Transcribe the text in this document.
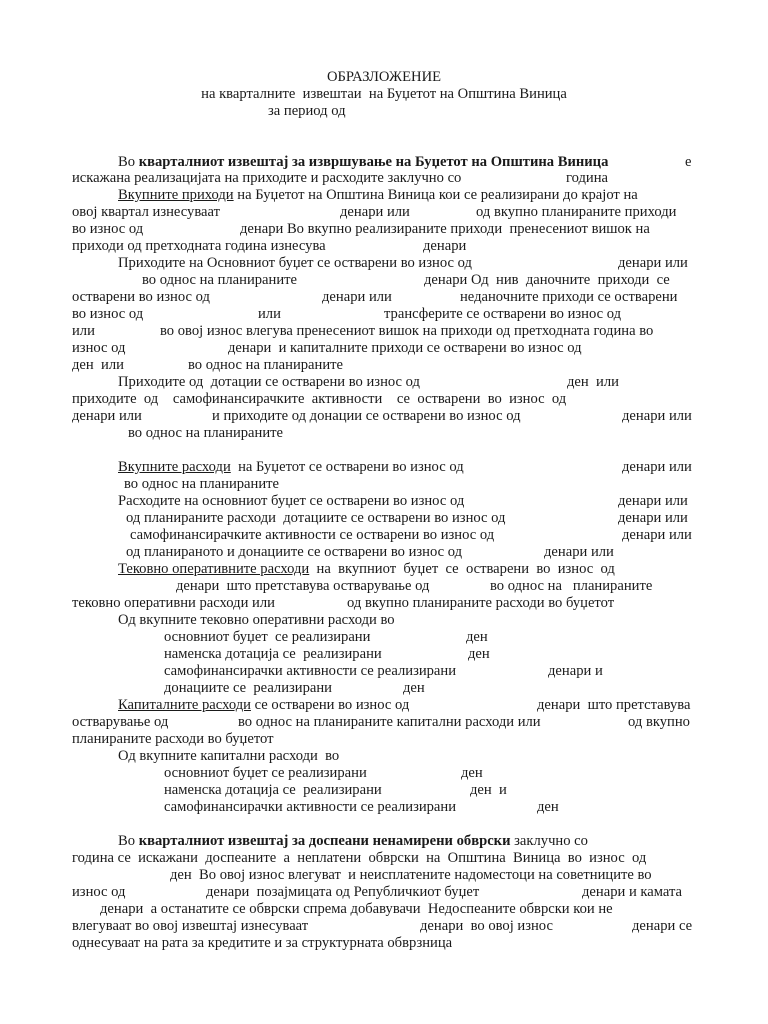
ОБРАЗЛОЖЕНИЕ
на кварталните  извештаи  на Буџетот на Општина Виница
за период од
Во кварталниот извештај за извршување на Буџетот на Општина Виница	е
искажана реализацијата на приходите и расходите заклучно со	година
Вкупните приходи на Буџетот на Општина Виница кои се реализирани до крајот на
овој квартал изнесуваат	денари или	од вкупно планираните приходи
во износ од	денари Во вкупно реализираните приходи  пренесениот вишок на
приходи од претходната година изнесува	денари
Приходите на Основниот буџет се остварени во износ од	денари или
во однос на планираните	денари Од  нив  даночните  приходи  се
остварени во износ од	денари или	неданочните приходи се остварени
во износ од	или	трансферите се остварени во износ од
или	во овој износ влегува пренесениот вишок на приходи од претходната година во
износ од	денари  и капиталните приходи се остварени во износ од
ден  или	во однос на планираните
Приходите од  дотации се остварени во износ од	ден  или
приходите  од    самофинансирачките  активности    се  остварени  во  износ  од
денари или	и приходите од донации се остварени во износ од	денари или
во однос на планираните
Вкупните расходи на Буџетот се остварени во износ од	денари или
во однос на планираните
Расходите на основниот буџет се остварени во износ од	денари или
од планираните расходи  дотациите се остварени во износ од	денари или
самофинансирачките активности се остварени во износ од	денари или
од планираното и донациите се остварени во износ од	денари или
Тековно оперативните расходи на  вкупниот  буџет  се  остварени  во  износ  од
денари  што претставува остварување од	во однос на   планираните
тековно оперативни расходи или	од вкупно планираните расходи во буџетот
Од вкупните тековно оперативни расходи во
основниот буџет  се реализирани	ден
наменска дотација се  реализирани	ден
самофинансирачки активности се реализирани	денари и
донациите се  реализирани	ден
Капиталните расходи се остварени во износ од	денари  што претставува
остварување од	во однос на планираните капитални расходи или	од вкупно
планираните расходи во буџетот
Од вкупните капитални расходи  во
основниот буџет се реализирани	ден
наменска дотација се  реализирани	ден  и
самофинансирачки активности се реализирани	ден
Во кварталниот извештај за доспеани ненамирени обврски заклучно со
година се  искажани  доспеаните  а  неплатени  обврски  на  Општина  Виница  во  износ  од
ден  Во овој износ влегуват  и неисплатените надоместоци на советниците во
износ од	денари  позајмицата од Републичкиот буџет	денари и камата
денари  а останатите се обврски спрема добавувачи  Недоспеаните обврски кои не
влегуваат во овој извештај изнесуваат	денари  во овој износ	денари се
однесуваат на рата за кредитите и за структурната обврзница
